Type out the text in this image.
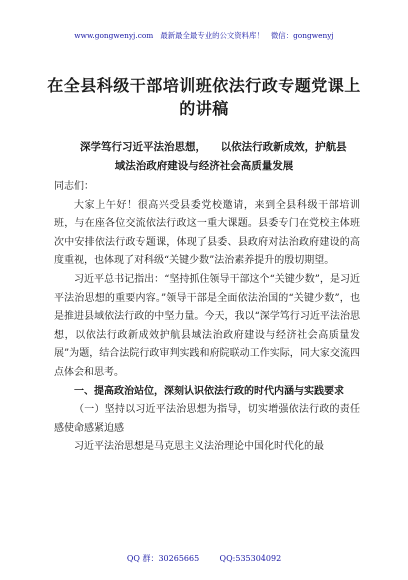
www.gongwenyj.com 最新最全最专业的公文资料库！ 微信：gongwenyj
在全县科级干部培训班依法行政专题党课上的讲稿

深学笃行习近平法治思想，    以依法行政新成效，护航县

域法治政府建设与经济社会高质量发展

同志们：

大家上午好！很高兴受县委党校邀请，来到全县科级干部培训班，与在座各位交流依法行政这一重大课题。县委专门在党校主体班次中安排依法行政专题课，体现了县委、县政府对法治政府建设的高度重视，也体现了对科级“关键少数”法治素养提升的殷切期望。

习近平总书记指出：“坚持抓住领导干部这个“关键少数”，是习近平法治思想的重要内容。”领导干部是全面依法治国的“关键少数”，也是推进县域依法行政的中坚力量。今天，我以“深学笃行习近平法治思想，以依法行政新成效护航县域法治政府建设与经济社会高质量发展”为题，结合法院行政审判实践和府院联动工作实际，同大家交流四点体会和思考。

一、提高政治站位，深刻认识依法行政的时代内涵与实践要求

（一）坚持以习近平法治思想为指导，切实增强依法行政的责任感使命感紧迫感

习近平法治思想是马克思主义法治理论中国化时代化的最

QQ 群：30265665	QQ:535304092
